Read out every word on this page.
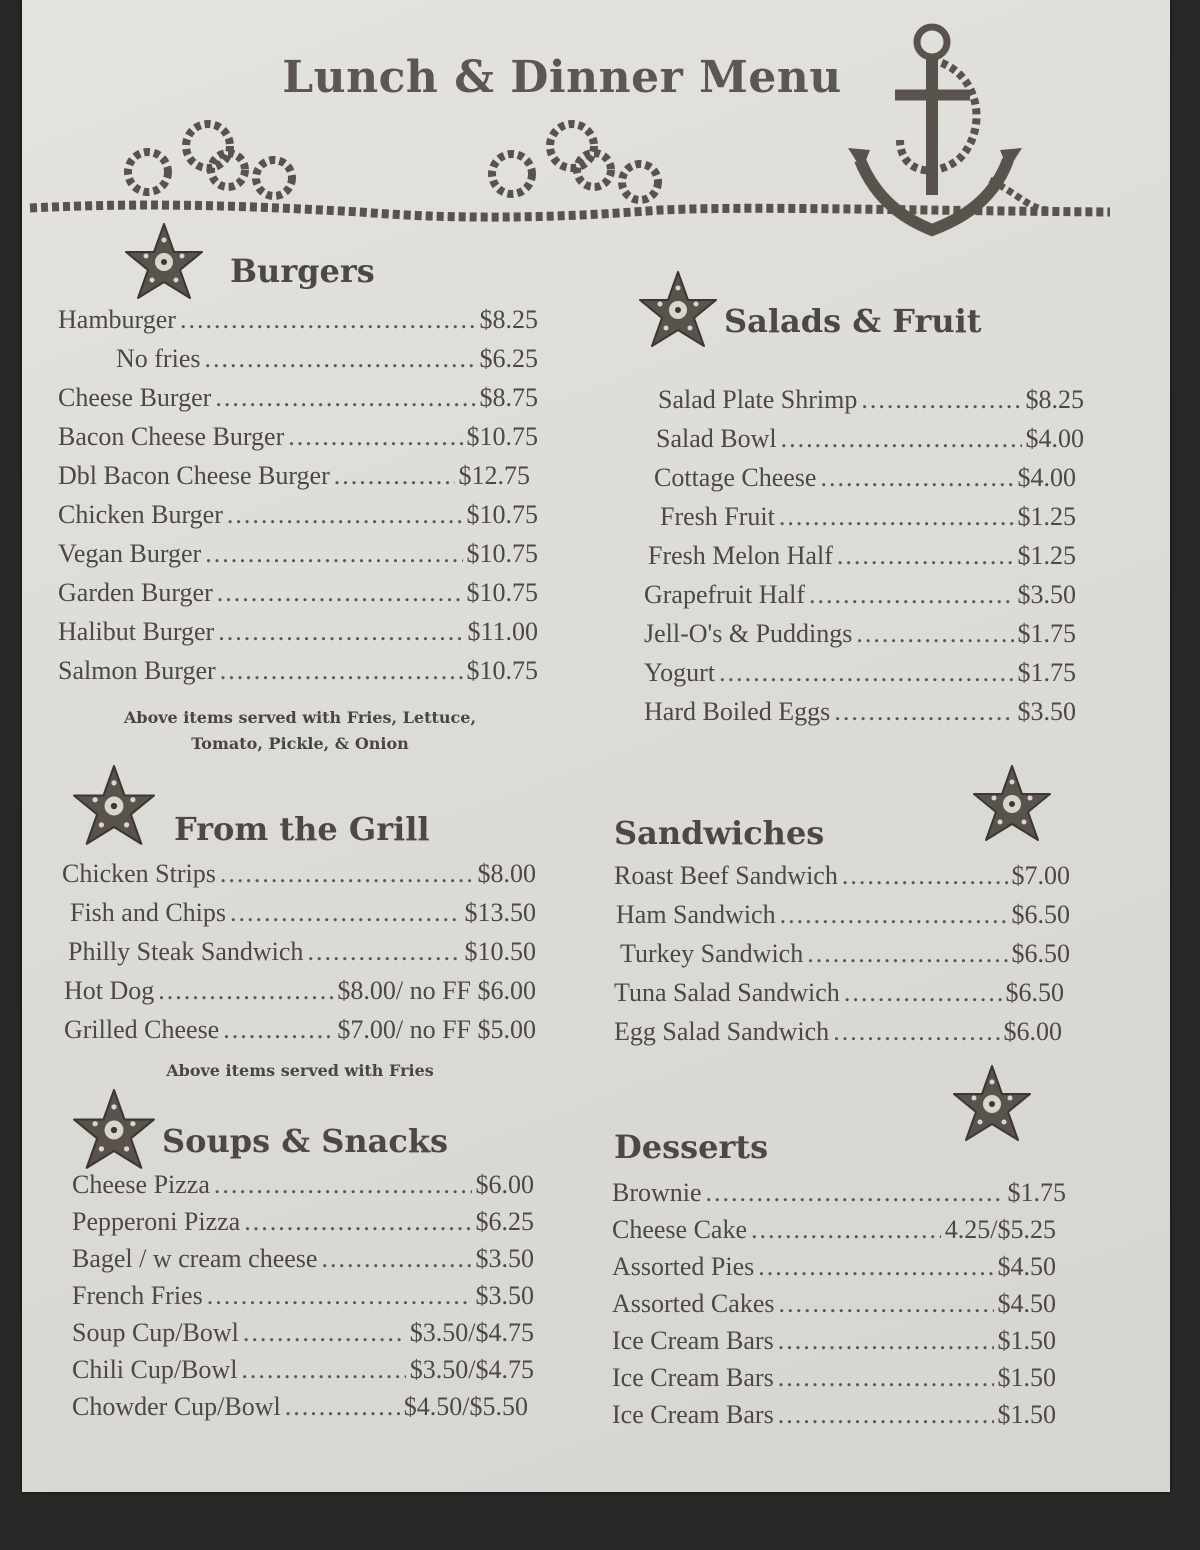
Lunch & Dinner Menu
Burgers
Hamburger .....	$8.25
No fries .....	$6.25
Cheese Burger .....	$8.75
Bacon Cheese Burger .....	$10.75
Dbl Bacon Cheese Burger .....	$12.75
Chicken Burger .....	$10.75
Vegan Burger .....	$10.75
Garden Burger .....	$10.75
Halibut Burger .....	$11.00
Salmon Burger .....	$10.75
Above items served with Fries, Lettuce,
Tomato, Pickle, & Onion
From the Grill
Chicken Strips .....	$8.00
Fish and Chips .....	$13.50
Philly Steak Sandwich .....	$10.50
Hot Dog .....	$8.00/ no FF $6.00
Grilled Cheese .....	$7.00/ no FF $5.00
Above items served with Fries
Soups & Snacks
Cheese Pizza .....	$6.00
Pepperoni Pizza .....	$6.25
Bagel / w cream cheese .....	$3.50
French Fries .....	$3.50
Soup Cup/Bowl .....	$3.50/$4.75
Chili Cup/Bowl .....	$3.50/$4.75
Chowder Cup/Bowl .....	$4.50/$5.50
Salads & Fruit
Salad Plate Shrimp .....	$8.25
Salad Bowl .....	$4.00
Cottage Cheese .....	$4.00
Fresh Fruit .....	$1.25
Fresh Melon Half .....	$1.25
Grapefruit Half .....	$3.50
Jell-O's & Puddings .....	$1.75
Yogurt .....	$1.75
Hard Boiled Eggs .....	$3.50
Sandwiches
Roast Beef Sandwich .....	$7.00
Ham Sandwich .....	$6.50
Turkey Sandwich .....	$6.50
Tuna Salad Sandwich .....	$6.50
Egg Salad Sandwich .....	$6.00
Desserts
Brownie .....	$1.75
Cheese Cake .....	4.25/$5.25
Assorted Pies .....	$4.50
Assorted Cakes .....	$4.50
Ice Cream Bars .....	$1.50
Ice Cream Bars .....	$1.50
Ice Cream Bars .....	$1.50
